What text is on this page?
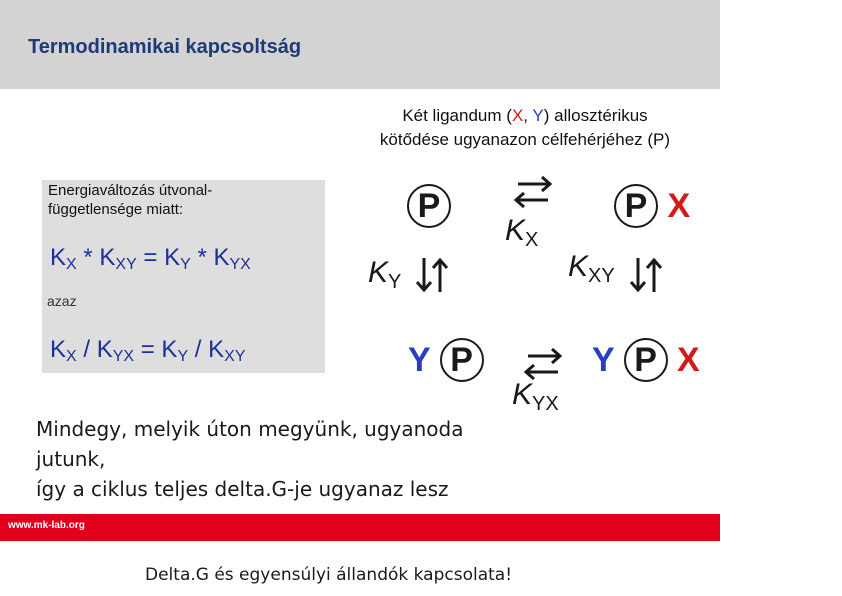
Termodinamikai kapcsoltság
Két ligandum (X, Y) allosztérikus
kötődése ugyanazon célfehérjéhez (P)
Energiaváltozás útvonal-
függetlensége miatt:
$K_X * K_{XY} = K_Y * K_{YX}$
azaz
$K_X / K_{YX} = K_Y / K_{XY}$
P	P X
Y P	Y P X
$K_X$
$K_Y$	$K_{XY}$
$K_{YX}$
Mindegy, melyik úton megyünk, ugyanoda
jutunk,
így a ciklus teljes delta.G-je ugyanaz lesz
www.mk-lab.org
Delta.G és egyensúlyi állandók kapcsolata!
